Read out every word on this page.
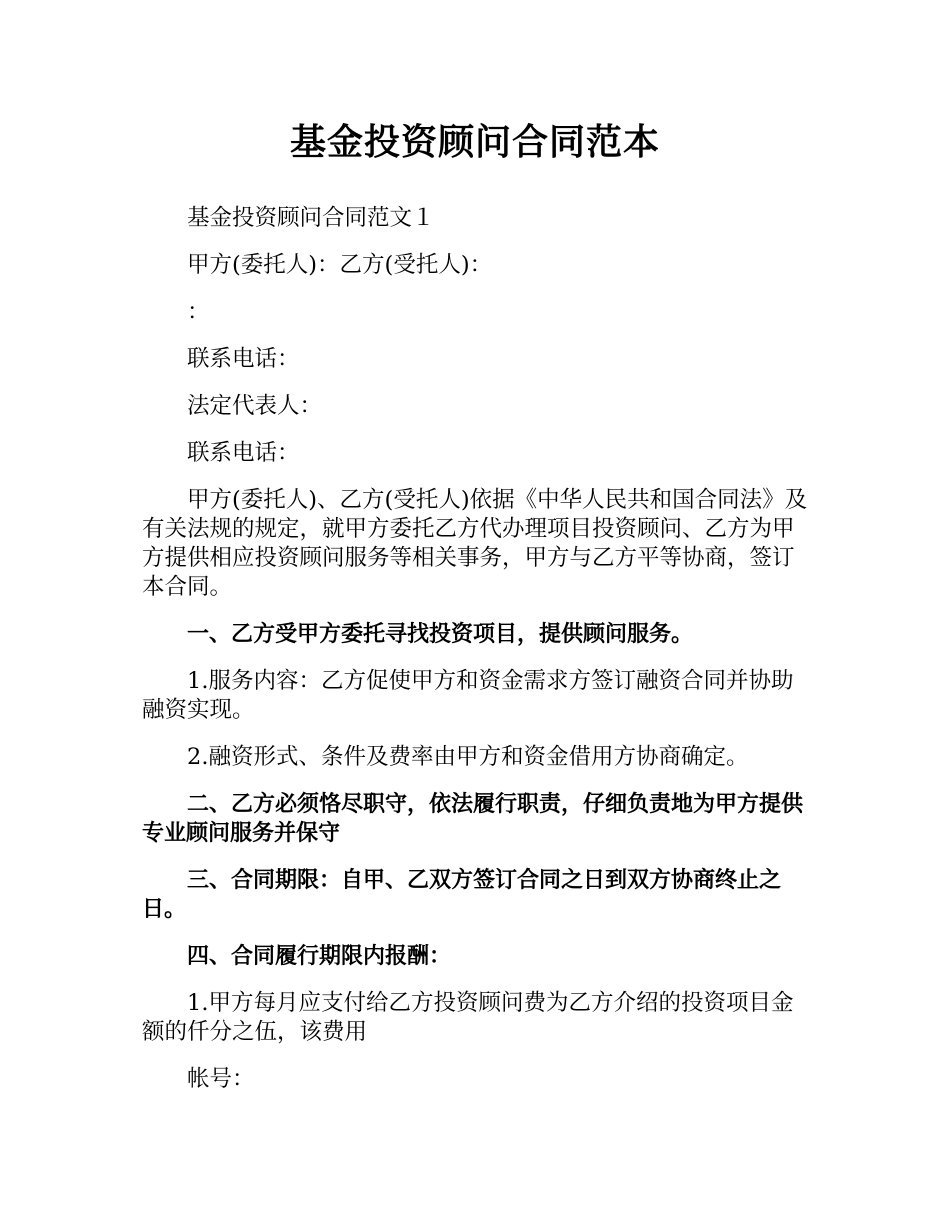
基金投资顾问合同范本

基金投资顾问合同范文１

甲方(委托人)：乙方(受托人)：

：

联系电话：

法定代表人：

联系电话：

甲方(委托人)、乙方(受托人)依据《中华人民共和国合同法》及有关法规的规定，就甲方委托乙方代办理项目投资顾问、乙方为甲方提供相应投资顾问服务等相关事务，甲方与乙方平等协商，签订本合同。

一、乙方受甲方委托寻找投资项目，提供顾问服务。

1.服务内容：乙方促使甲方和资金需求方签订融资合同并协助融资实现。

2.融资形式、条件及费率由甲方和资金借用方协商确定。

二、乙方必须恪尽职守，依法履行职责，仔细负责地为甲方提供专业顾问服务并保守

三、合同期限：自甲、乙双方签订合同之日到双方协商终止之日。

四、合同履行期限内报酬：

1.甲方每月应支付给乙方投资顾问费为乙方介绍的投资项目金额的仟分之伍，该费用

帐号：
